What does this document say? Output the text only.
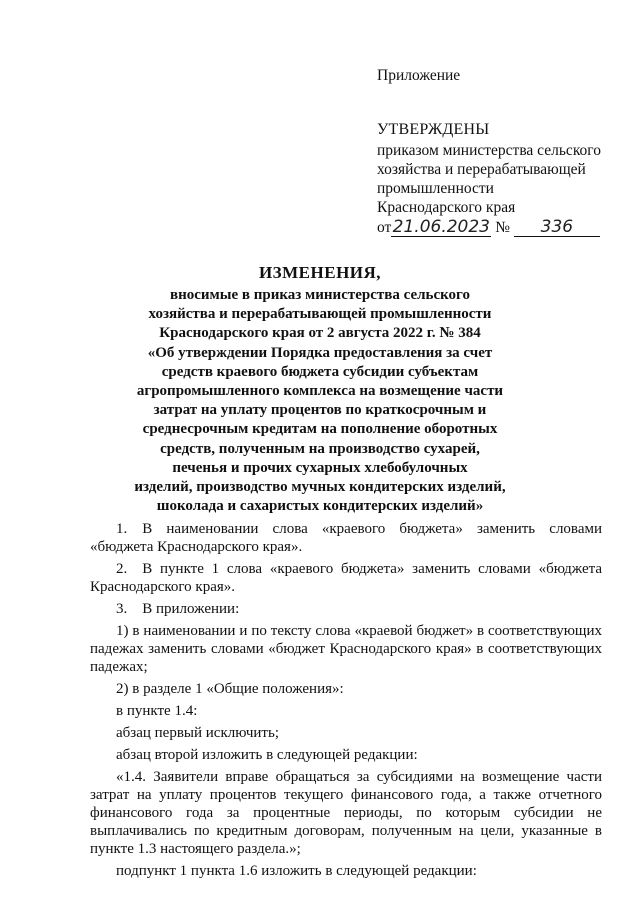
Приложение
УТВЕРЖДЕНЫ
приказом министерства сельского
хозяйства и перерабатывающей
промышленности
Краснодарского края
от21.06.2023 № 336
ИЗМЕНЕНИЯ,
вносимые в приказ министерства сельского
хозяйства и перерабатывающей промышленности
Краснодарского края от 2 августа 2022 г. № 384
«Об утверждении Порядка предоставления за счет
средств краевого бюджета субсидии субъектам
агропромышленного комплекса на возмещение части
затрат на уплату процентов по краткосрочным и
среднесрочным кредитам на пополнение оборотных
средств, полученным на производство сухарей,
печенья и прочих сухарных хлебобулочных
изделий, производство мучных кондитерских изделий,
шоколада и сахаристых кондитерских изделий»

1. В наименовании слова «краевого бюджета» заменить словами «бюджета Краснодарского края».

2. В пункте 1 слова «краевого бюджета» заменить словами «бюджета Краснодарского края».

3. В приложении:

1) в наименовании и по тексту слова «краевой бюджет» в соответствующих падежах заменить словами «бюджет Краснодарского края» в соответствующих падежах;

2) в разделе 1 «Общие положения»:

в пункте 1.4:

абзац первый исключить;

абзац второй изложить в следующей редакции:

«1.4. Заявители вправе обращаться за субсидиями на возмещение части затрат на уплату процентов текущего финансового года, а также отчетного финансового года за процентные периоды, по которым субсидии не выплачивались по кредитным договорам, полученным на цели, указанные в пункте 1.3 настоящего раздела.»;

подпункт 1 пункта 1.6 изложить в следующей редакции:
